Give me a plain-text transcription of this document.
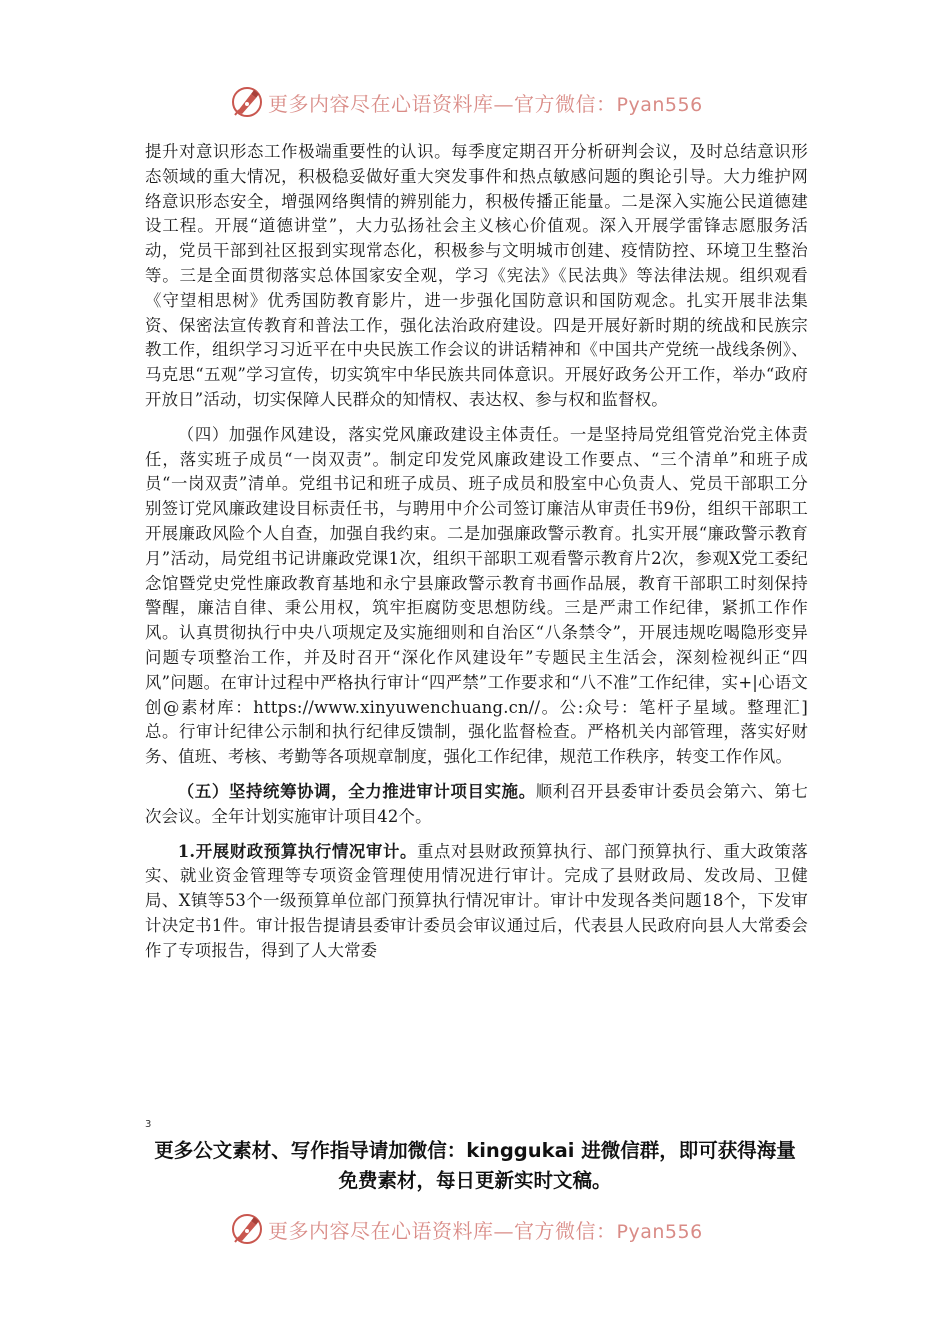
更多内容尽在心语资料库—官方微信：Pyan556

提升对意识形态工作极端重要性的认识。每季度定期召开分析研判会议，及时总结意识形态领域的重大情况，积极稳妥做好重大突发事件和热点敏感问题的舆论引导。大力维护网络意识形态安全，增强网络舆情的辨别能力，积极传播正能量。二是深入实施公民道德建设工程。开展“道德讲堂”，大力弘扬社会主义核心价值观。深入开展学雷锋志愿服务活动，党员干部到社区报到实现常态化，积极参与文明城市创建、疫情防控、环境卫生整治等。三是全面贯彻落实总体国家安全观，学习《宪法》《民法典》等法律法规。组织观看《守望相思树》优秀国防教育影片，进一步强化国防意识和国防观念。扎实开展非法集资、保密法宣传教育和普法工作，强化法治政府建设。四是开展好新时期的统战和民族宗教工作，组织学习习近平在中央民族工作会议的讲话精神和《中国共产党统一战线条例》、马克思“五观”学习宣传，切实筑牢中华民族共同体意识。开展好政务公开工作，举办“政府开放日”活动，切实保障人民群众的知情权、表达权、参与权和监督权。

（四）加强作风建设，落实党风廉政建设主体责任。一是坚持局党组管党治党主体责任，落实班子成员“一岗双责”。制定印发党风廉政建设工作要点、“三个清单”和班子成员“一岗双责”清单。党组书记和班子成员、班子成员和股室中心负责人、党员干部职工分别签订党风廉政建设目标责任书，与聘用中介公司签订廉洁从审责任书9份，组织干部职工开展廉政风险个人自查，加强自我约束。二是加强廉政警示教育。扎实开展“廉政警示教育月”活动，局党组书记讲廉政党课1次，组织干部职工观看警示教育片2次，参观X党工委纪念馆暨党史党性廉政教育基地和永宁县廉政警示教育书画作品展，教育干部职工时刻保持警醒，廉洁自律、秉公用权，筑牢拒腐防变思想防线。三是严肃工作纪律，紧抓工作作风。认真贯彻执行中央八项规定及实施细则和自治区“八条禁令”，开展违规吃喝隐形变异问题专项整治工作，并及时召开“深化作风建设年”专题民主生活会，深刻检视纠正“四风”问题。在审计过程中严格执行审计“四严禁”工作要求和“八不准”工作纪律，实+|心语文创@素材库：https://www.xinyuwenchuang.cn//。公:众号：笔杆子星域。整理汇]总。行审计纪律公示制和执行纪律反馈制，强化监督检查。严格机关内部管理，落实好财务、值班、考核、考勤等各项规章制度，强化工作纪律，规范工作秩序，转变工作作风。

（五）坚持统筹协调，全力推进审计项目实施。顺利召开县委审计委员会第六、第七次会议。全年计划实施审计项目42个。

1.开展财政预算执行情况审计。重点对县财政预算执行、部门预算执行、重大政策落实、就业资金管理等专项资金管理使用情况进行审计。完成了县财政局、发改局、卫健局、X镇等53个一级预算单位部门预算执行情况审计。审计中发现各类问题18个，下发审计决定书1件。审计报告提请县委审计委员会审议通过后，代表县人民政府向县人大常委会作了专项报告，得到了人大常委

3
更多公文素材、写作指导请加微信：kinggukai 进微信群，即可获得海量免费素材，每日更新实时文稿。
更多内容尽在心语资料库—官方微信：Pyan556
